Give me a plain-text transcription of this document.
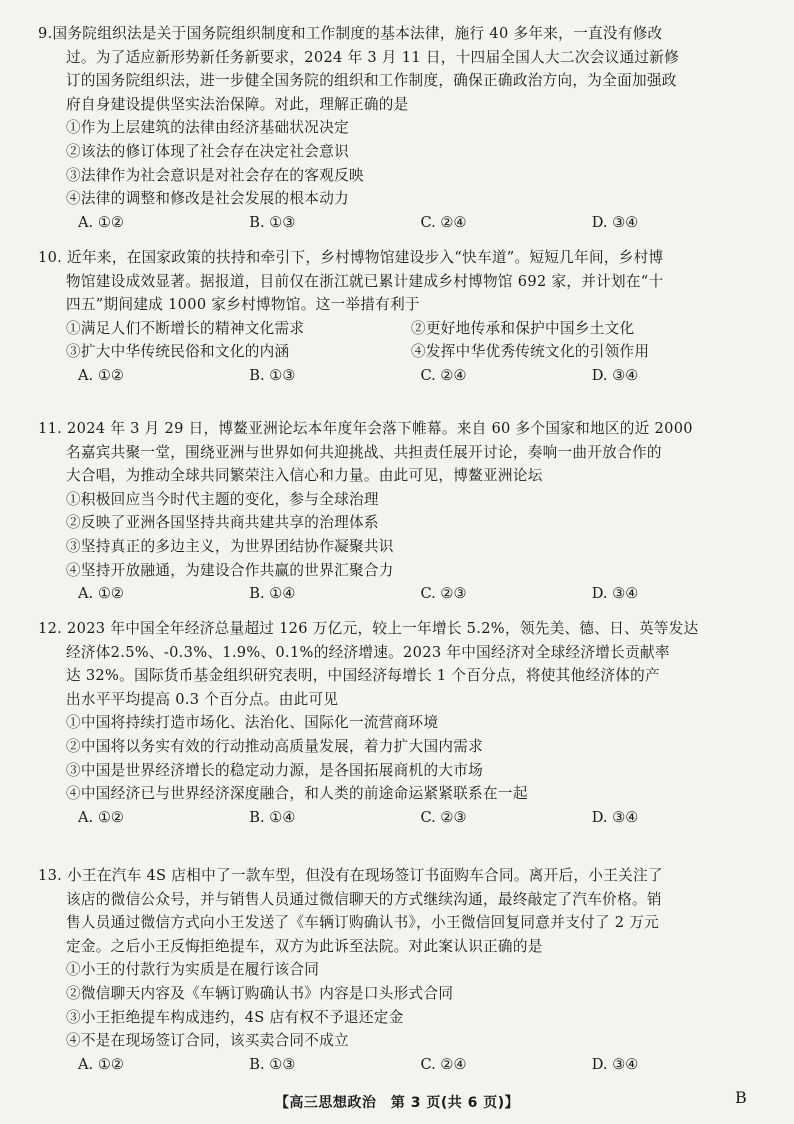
9.国务院组织法是关于国务院组织制度和工作制度的基本法律，施行 40 多年来，一直没有修改
过。为了适应新形势新任务新要求，2024 年 3 月 11 日，十四届全国人大二次会议通过新修
订的国务院组织法，进一步健全国务院的组织和工作制度，确保正确政治方向，为全面加强政
府自身建设提供坚实法治保障。对此，理解正确的是
①作为上层建筑的法律由经济基础状况决定
②该法的修订体现了社会存在决定社会意识
③法律作为社会意识是对社会存在的客观反映
④法律的调整和修改是社会发展的根本动力
A. ①②	B. ①③	C. ②④	D. ③④
10. 近年来，在国家政策的扶持和牵引下，乡村博物馆建设步入“快车道”。短短几年间，乡村博
物馆建设成效显著。据报道，目前仅在浙江就已累计建成乡村博物馆 692 家，并计划在“十
四五”期间建成 1000 家乡村博物馆。这一举措有利于
①满足人们不断增长的精神文化需求	②更好地传承和保护中国乡土文化
③扩大中华传统民俗和文化的内涵	④发挥中华优秀传统文化的引领作用
A. ①②	B. ①③	C. ②④	D. ③④
11. 2024 年 3 月 29 日，博鳌亚洲论坛本年度年会落下帷幕。来自 60 多个国家和地区的近 2000
名嘉宾共聚一堂，围绕亚洲与世界如何共迎挑战、共担责任展开讨论，奏响一曲开放合作的
大合唱，为推动全球共同繁荣注入信心和力量。由此可见，博鳌亚洲论坛
①积极回应当今时代主题的变化，参与全球治理
②反映了亚洲各国坚持共商共建共享的治理体系
③坚持真正的多边主义，为世界团结协作凝聚共识
④坚持开放融通，为建设合作共赢的世界汇聚合力
A. ①②	B. ①④	C. ②③	D. ③④
12. 2023 年中国全年经济总量超过 126 万亿元，较上一年增长 5.2%，领先美、德、日、英等发达
经济体2.5%、-0.3%、1.9%、0.1%的经济增速。2023 年中国经济对全球经济增长贡献率
达 32%。国际货币基金组织研究表明，中国经济每增长 1 个百分点，将使其他经济体的产
出水平平均提高 0.3 个百分点。由此可见
①中国将持续打造市场化、法治化、国际化一流营商环境
②中国将以务实有效的行动推动高质量发展，着力扩大国内需求
③中国是世界经济增长的稳定动力源，是各国拓展商机的大市场
④中国经济已与世界经济深度融合，和人类的前途命运紧紧联系在一起
A. ①②	B. ①④	C. ②③	D. ③④
13. 小王在汽车 4S 店相中了一款车型，但没有在现场签订书面购车合同。离开后，小王关注了
该店的微信公众号，并与销售人员通过微信聊天的方式继续沟通，最终敲定了汽车价格。销
售人员通过微信方式向小王发送了《车辆订购确认书》，小王微信回复同意并支付了 2 万元
定金。之后小王反悔拒绝提车，双方为此诉至法院。对此案认识正确的是
①小王的付款行为实质是在履行该合同
②微信聊天内容及《车辆订购确认书》内容是口头形式合同
③小王拒绝提车构成违约，4S 店有权不予退还定金
④不是在现场签订合同，该买卖合同不成立
A. ①②	B. ①③	C. ②④	D. ③④
【高三思想政治　第 3 页(共 6 页)】	B
